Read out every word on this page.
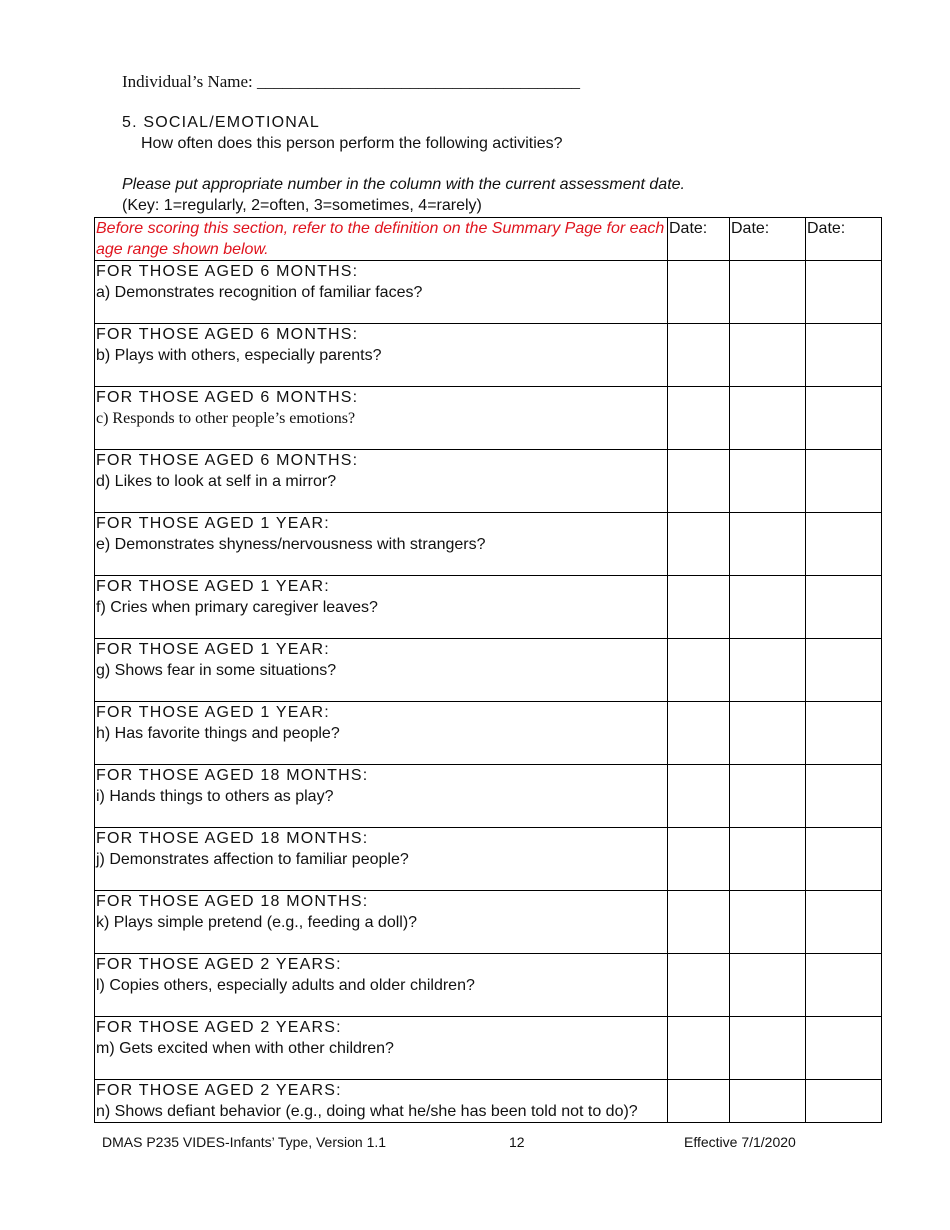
Individual’s Name: ______________________________________
5. SOCIAL/EMOTIONAL
How often does this person perform the following activities?
Please put appropriate number in the column with the current assessment date.
(Key: 1=regularly, 2=often, 3=sometimes, 4=rarely)
Before scoring this section, refer to the definition on the Summary Page for each age range shown below.	Date:	Date:	Date:

FOR THOSE AGED 6 MONTHS:
a) Demonstrates recognition of familiar faces?			

FOR THOSE AGED 6 MONTHS:
b) Plays with others, especially parents?			

FOR THOSE AGED 6 MONTHS:
c) Responds to other people’s emotions?			

FOR THOSE AGED 6 MONTHS:
d) Likes to look at self in a mirror?			

FOR THOSE AGED 1 YEAR:
e) Demonstrates shyness/nervousness with strangers?			

FOR THOSE AGED 1 YEAR:
f) Cries when primary caregiver leaves?			

FOR THOSE AGED 1 YEAR:
g) Shows fear in some situations?			

FOR THOSE AGED 1 YEAR:
h) Has favorite things and people?			

FOR THOSE AGED 18 MONTHS:
i) Hands things to others as play?			

FOR THOSE AGED 18 MONTHS:
j) Demonstrates affection to familiar people?			

FOR THOSE AGED 18 MONTHS:
k) Plays simple pretend (e.g., feeding a doll)?			

FOR THOSE AGED 2 YEARS:
l) Copies others, especially adults and older children?			

FOR THOSE AGED 2 YEARS:
m) Gets excited when with other children?			

FOR THOSE AGED 2 YEARS:
n) Shows defiant behavior (e.g., doing what he/she has been told not to do)?			

DMAS P235 VIDES-Infants’ Type, Version 1.1	12	Effective 7/1/2020
